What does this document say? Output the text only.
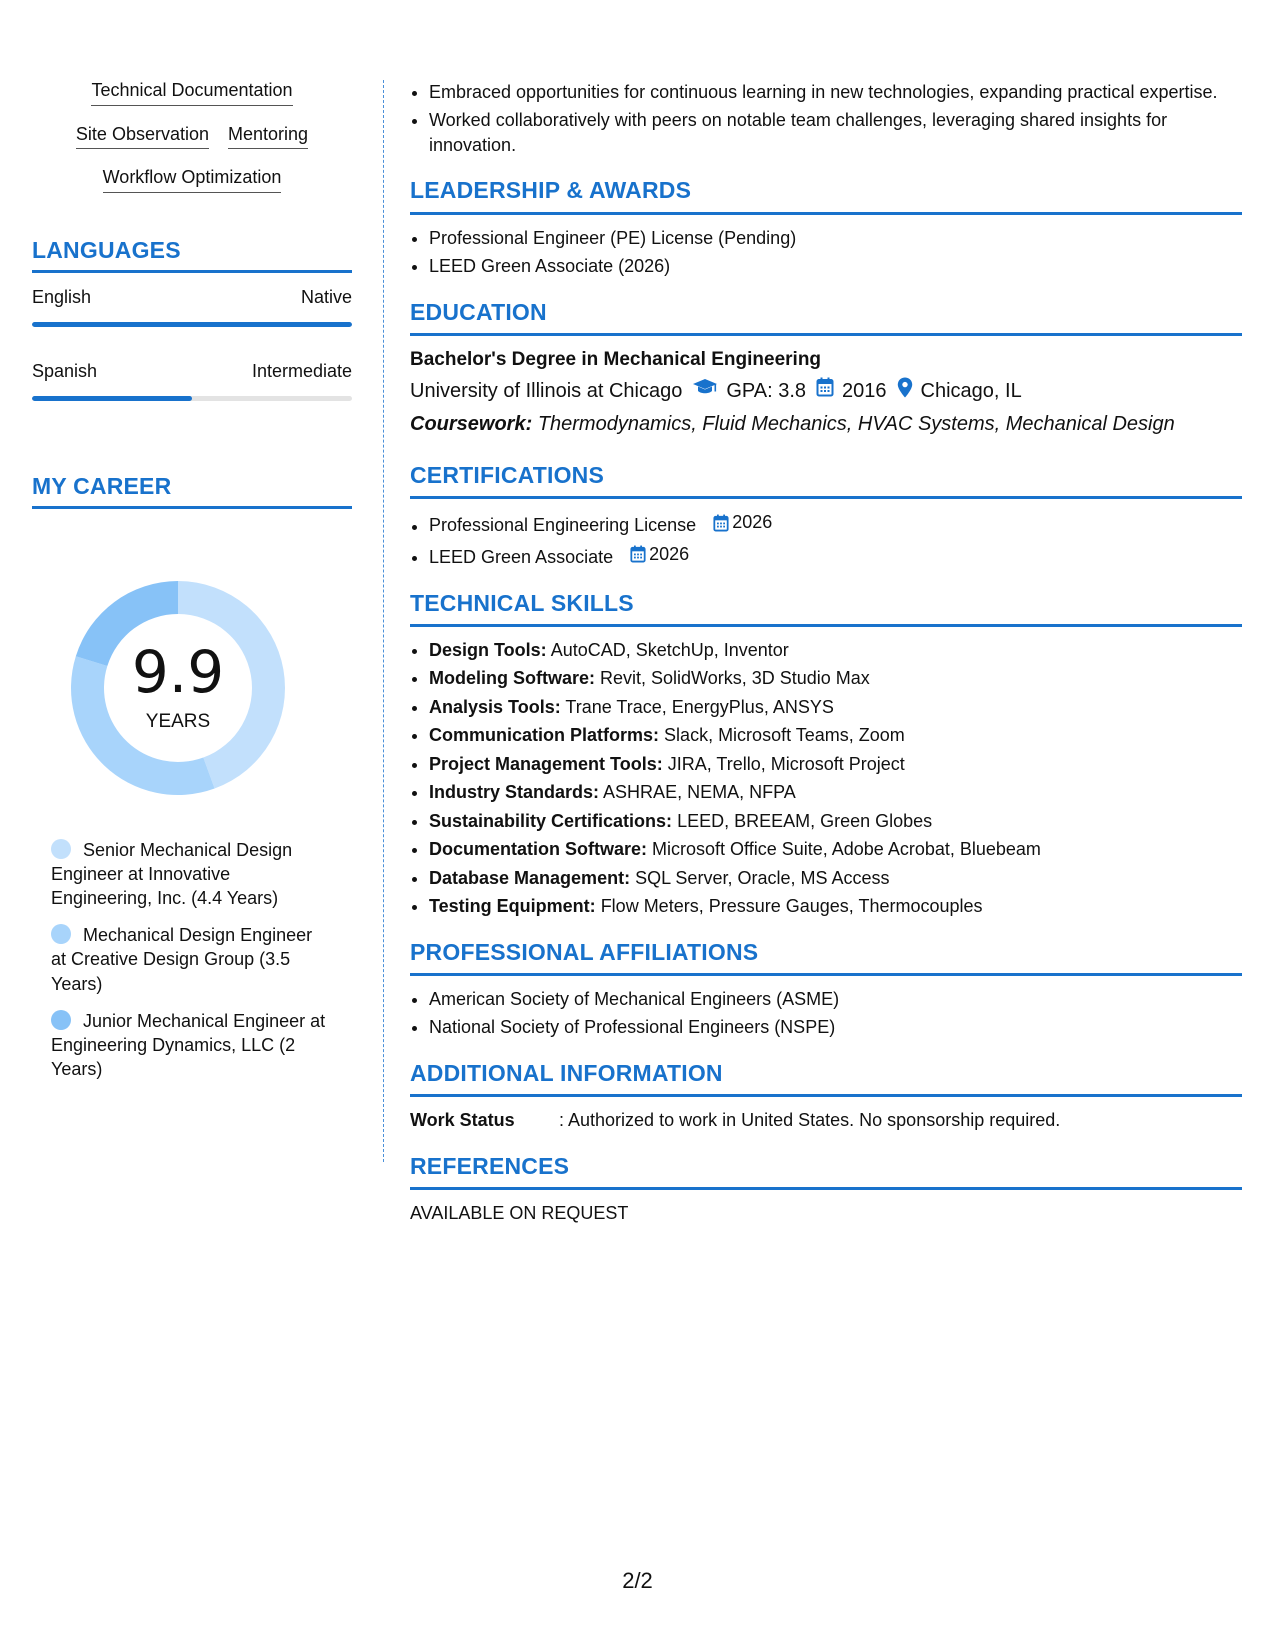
Technical Documentation
Site Observation Mentoring
Workflow Optimization
LANGUAGES
English	Native
Spanish	Intermediate
MY CAREER
9.9
YEARS
Senior Mechanical Design Engineer at Innovative Engineering, Inc. (4.4 Years)
Mechanical Design Engineer at Creative Design Group (3.5 Years)
Junior Mechanical Engineer at Engineering Dynamics, LLC (2 Years)
• Embraced opportunities for continuous learning in new technologies, expanding practical expertise.
• Worked collaboratively with peers on notable team challenges, leveraging shared insights for innovation.
LEADERSHIP & AWARDS
• Professional Engineer (PE) License (Pending)
• LEED Green Associate (2026)
EDUCATION
Bachelor's Degree in Mechanical Engineering
University of Illinois at Chicago GPA: 3.8 2016 Chicago, IL
Coursework: Thermodynamics, Fluid Mechanics, HVAC Systems, Mechanical Design
CERTIFICATIONS
• Professional Engineering License 2026
• LEED Green Associate 2026
TECHNICAL SKILLS
• Design Tools: AutoCAD, SketchUp, Inventor
• Modeling Software: Revit, SolidWorks, 3D Studio Max
• Analysis Tools: Trane Trace, EnergyPlus, ANSYS
• Communication Platforms: Slack, Microsoft Teams, Zoom
• Project Management Tools: JIRA, Trello, Microsoft Project
• Industry Standards: ASHRAE, NEMA, NFPA
• Sustainability Certifications: LEED, BREEAM, Green Globes
• Documentation Software: Microsoft Office Suite, Adobe Acrobat, Bluebeam
• Database Management: SQL Server, Oracle, MS Access
• Testing Equipment: Flow Meters, Pressure Gauges, Thermocouples
PROFESSIONAL AFFILIATIONS
• American Society of Mechanical Engineers (ASME)
• National Society of Professional Engineers (NSPE)
ADDITIONAL INFORMATION
Work Status	: Authorized to work in United States. No sponsorship required.
REFERENCES
AVAILABLE ON REQUEST
2/2
